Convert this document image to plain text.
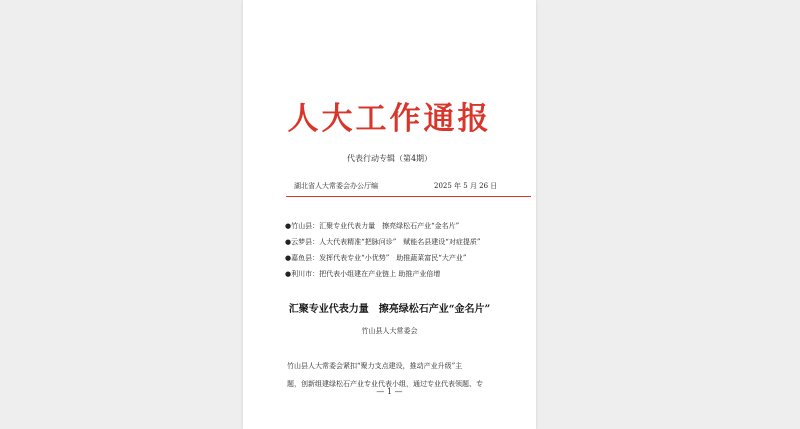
人大工作通报
代表行动专辑（第4期）
湖北省人大常委会办公厅编	2025 年 5 月 26 日
●竹山县：汇聚专业代表力量　擦亮绿松石产业“金名片”
●云梦县：人大代表精准“把脉问诊”　赋能名县建设“对症提质”
●嘉鱼县：发挥代表专业“小优势”　助推蔬菜富民“大产业”
●利川市：把代表小组建在产业链上 助推产业倍增
汇聚专业代表力量　擦亮绿松石产业“金名片”
竹山县人大常委会
竹山县人大常委会紧扣“聚力支点建设，推动产业升级”主
题，创新组建绿松石产业专业代表小组，通过专业代表领题、专
— 1 —
